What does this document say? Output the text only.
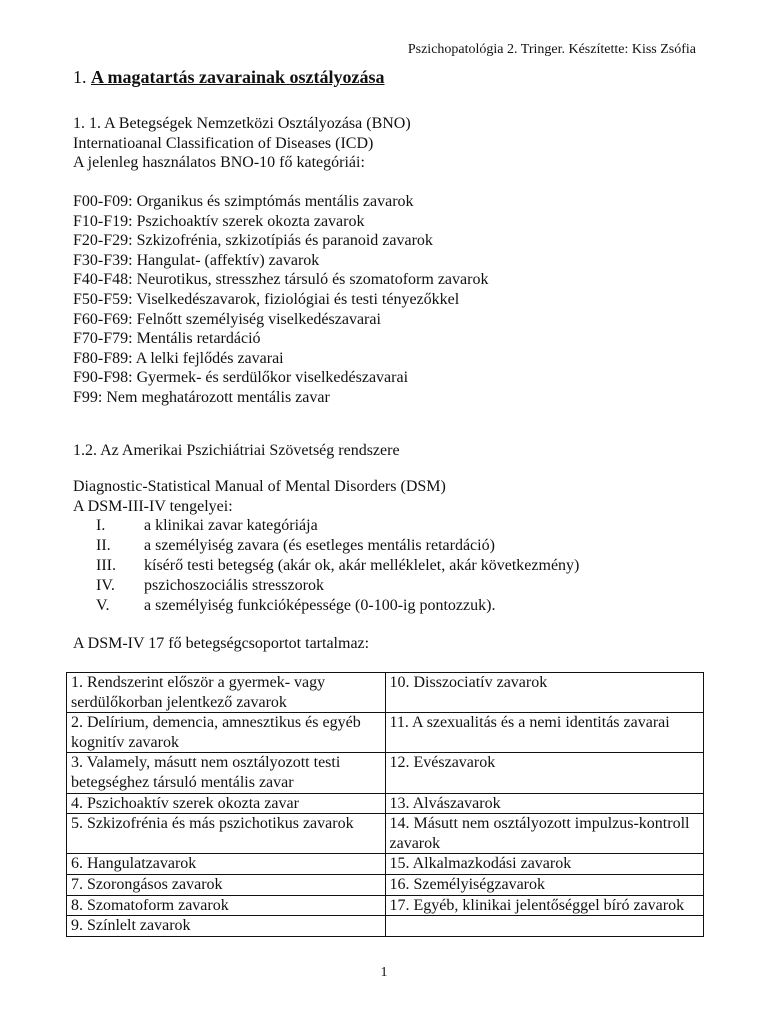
Pszichopatológia 2. Tringer. Készítette: Kiss Zsófia
1. A magatartás zavarainak osztályozása
1. 1. A Betegségek Nemzetközi Osztályozása (BNO)
Internatioanal Classification of Diseases (ICD)
A jelenleg használatos BNO-10 fő kategóriái:
F00-F09: Organikus és szimptómás mentális zavarok
F10-F19: Pszichoaktív szerek okozta zavarok
F20-F29: Szkizofrénia, szkizotípiás és paranoid zavarok
F30-F39: Hangulat- (affektív) zavarok
F40-F48: Neurotikus, stresszhez társuló és szomatoform zavarok
F50-F59: Viselkedészavarok, fiziológiai és testi tényezőkkel
F60-F69: Felnőtt személyiség viselkedészavarai
F70-F79: Mentális retardáció
F80-F89: A lelki fejlődés zavarai
F90-F98: Gyermek- és serdülőkor viselkedészavarai
F99: Nem meghatározott mentális zavar
1.2. Az Amerikai Pszichiátriai Szövetség rendszere
Diagnostic-Statistical Manual of Mental Disorders (DSM)
A DSM-III-IV tengelyei:
I.	a klinikai zavar kategóriája
II.	a személyiség zavara (és esetleges mentális retardáció)
III.	kísérő testi betegség (akár ok, akár melléklelet, akár következmény)
IV.	pszichoszociális stresszorok
V.	a személyiség funkcióképessége (0-100-ig pontozzuk).
A DSM-IV 17 fő betegségcsoportot tartalmaz:
1. Rendszerint először a gyermek- vagy serdülőkorban jelentkező zavarok	10. Disszociatív zavarok
2. Delírium, demencia, amnesztikus és egyéb kognitív zavarok	11. A szexualitás és a nemi identitás zavarai
3. Valamely, másutt nem osztályozott testi betegséghez társuló mentális zavar	12. Evészavarok
4. Pszichoaktív szerek okozta zavar	13. Alvászavarok
5. Szkizofrénia és más pszichotikus zavarok	14. Másutt nem osztályozott impulzus-kontroll zavarok
6. Hangulatzavarok	15. Alkalmazkodási zavarok
7. Szorongásos zavarok	16. Személyiségzavarok
8. Szomatoform zavarok	17. Egyéb, klinikai jelentőséggel bíró zavarok
9. Színlelt zavarok	
1
